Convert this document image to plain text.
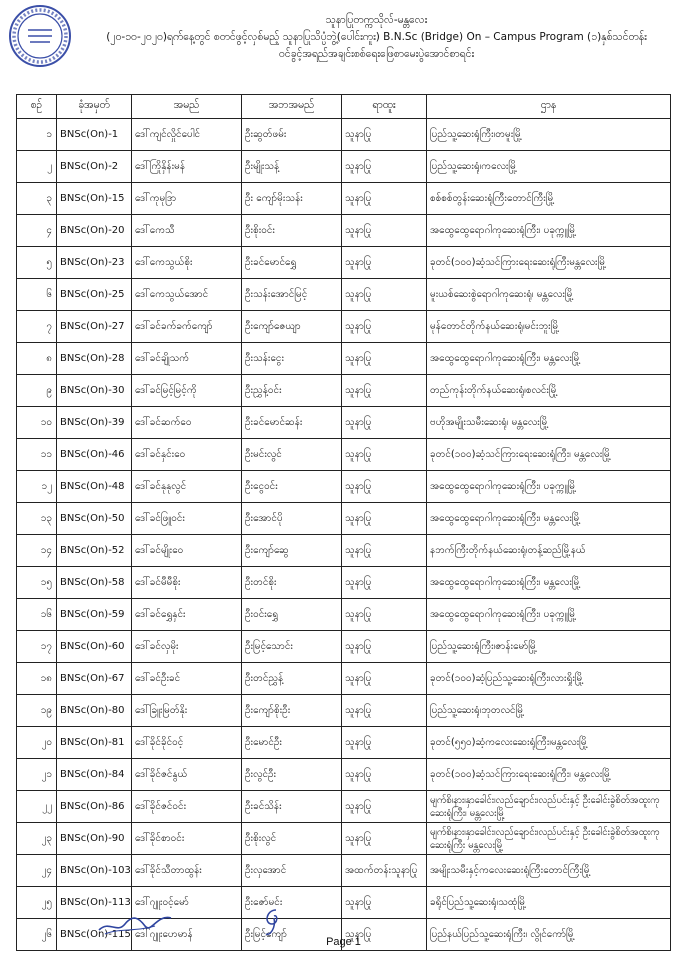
သူနာပြုတက္ကသိုလ်-မန္တလေး
(၂၀-၁၀-၂၀၂၀)ရက်နေ့တွင် စတင်ဖွင့်လှစ်မည့် သူနာပြုသိပ္ပံဘွဲ့(ပေါင်းကူး) B.N.Sc (Bridge) On – Campus Program (၁)နှစ်သင်တန်း
ဝင်ခွင့်အရည်အချင်းစစ်ရေးဖြေစာမေးပွဲအောင်စာရင်း
စဉ်	ခုံအမှတ်	အမည်	အဘအမည်	ရာထူး	ဌာန
၁	BNSc(On)-1	ဒေါ်ကျင်လှိုင်ပေါင်	ဦးဆွတ်ဖမ်း	သူနာပြု	ပြည်သူ့ဆေးရုံကြီး၊တမူးမြို့
၂	BNSc(On)-2	ဒေါ်ကြိုနှိန်းမန်	ဦးမျိုးသန့်	သူနာပြု	ပြည်သူ့ဆေးရုံ၊ကလေးမြို့
၃	BNSc(On)-15	ဒေါ်ကုမုဒြာ	ဦး ကျော်မိုးသန်း	သူနာပြု	စစ်စစ်တွန်းဆေးရုံကြီးတောင်ကြီးမြို့
၄	BNSc(On)-20	ဒေါ်ကေသီ	ဦးစိုးဝင်း	သူနာပြု	အထွေထွေရောဂါကုဆေးရုံကြီး၊ ပခုက္ကူမြို့
၅	BNSc(On)-23	ဒေါ်ကေသွယ်စိုး	ဦးခင်မောင်ရွှေ	သူနာပြု	ခုတင်(၁၀၀)ဆံ့သင်ကြားရေးဆေးရုံကြီးမန္တလေးမြို့
၆	BNSc(On)-25	ဒေါ်ကေသွယ်အောင်	ဦးသန်းအောင်မြင့်	သူနာပြု	မူးယစ်ဆေးစွဲရောဂါကုဆေးရုံ၊ မန္တလေးမြို့
၇	BNSc(On)-27	ဒေါ်ခင်ခက်ခက်ကျော်	ဦးကျော်ဇေယျာ	သူနာပြု	မုန်တောင်တိုက်နယ်ဆေးရုံ၊မင်းဘူးမြို့
၈	BNSc(On)-28	ဒေါ်ခင်ချိုသက်	ဦးသန်းငွေး	သူနာပြု	အထွေထွေရောဂါကုဆေးရုံကြီး၊ မန္တလေးမြို့
၉	BNSc(On)-30	ဒေါ်ခင်မြင့်မြင့်ကို	ဦးညွှန့်ဝင်း	သူနာပြု	တည်ကုန်းတိုက်နယ်ဆေးရုံ၊စလင်းမြို့
၁၀	BNSc(On)-39	ဒေါ်ခင်ဆက်ဝေ	ဦးခင်မောင်ဆန်း	သူနာပြု	ဗဟိုအမျိုးသမီးဆေးရုံ၊ မန္တလေးမြို့
၁၁	BNSc(On)-46	ဒေါ်ခင်နှင်းဝေ	ဦးမင်းလွင်	သူနာပြု	ခုတင်(၁၀၀)ဆံ့သင်ကြားရေးဆေးရုံကြီး၊ မန္တလေးမြို့
၁၂	BNSc(On)-48	ဒေါ်ခင်နုနုလွင်	ဦးငွေဝင်း	သူနာပြု	အထွေထွေရောဂါကုဆေးရုံကြီး၊ ပခုက္ကူမြို့
၁၃	BNSc(On)-50	ဒေါ်ခင်ဖြူဝင်း	ဦးအောင်ပို	သူနာပြု	အထွေထွေရောဂါကုဆေးရုံကြီး၊ မန္တလေးမြို့
၁၄	BNSc(On)-52	ဒေါ်ခင်မျိုးဝေ	ဦးကျော်ဆွေ	သူနာပြု	နဘက်ကြီးတိုက်နယ်ဆေးရုံ၊တန့်ဆည်မြို့နယ်
၁၅	BNSc(On)-58	ဒေါ်ခင်မီမီစိုး	ဦးတင်စိုး	သူနာပြု	အထွေထွေရောဂါကုဆေးရုံကြီး၊ မန္တလေးမြို့
၁၆	BNSc(On)-59	ဒေါ်ခင်ရွှေနှင်း	ဦးဝင်းရွှေ	သူနာပြု	အထွေထွေရောဂါကုဆေးရုံကြီး၊ ပခုက္ကူမြို့
၁၇	BNSc(On)-60	ဒေါ်ခင်လှမိုး	ဦးမြင့်သောင်း	သူနာပြု	ပြည်သူ့ဆေးရုံကြီး၊ဇာန်းမော်မြို့
၁၈	BNSc(On)-67	ဒေါ်ခင်ဦးခင်	ဦးတင်ညွှန့်	သူနာပြု	ခုတင်(၁၀၀)ဆံ့ပြည်သူ့ဆေးရုံကြီး၊လားရှိုးမြို့
၁၉	BNSc(On)-80	ဒေါ်ခြူးမြတ်နိုး	ဦးကျော်စိုးဦး	သူနာပြု	ပြည်သူ့ဆေးရုံ၊ဘုတလင်မြို့
၂၀	BNSc(On)-81	ဒေါ်ခိုင်ခိုင်ဝင့်	ဦးမောင်ဦး	သူနာပြု	ခုတင်(၅၅၀)ဆံ့ကလေးဆေးရုံကြီး၊မန္တလေးမြို့
၂၁	BNSc(On)-84	ဒေါ်ခိုင်ဇင်နွယ်	ဦးလွင်ဦး	သူနာပြု	ခုတင်(၁၀၀)ဆံ့သင်ကြားရေးဆေးရုံကြီး၊ မန္တလေးမြို့
၂၂	BNSc(On)-86	ဒေါ်ခိုင်ဇင်ဝင်း	ဦးခင်သိန်း	သူနာပြု	မျက်စိ၊နား၊နှာခေါင်း၊လည်ချောင်း၊လည်ပင်းနှင့် ဦးခေါင်းခွဲစိတ်အထူးကုဆေးရုံကြီး၊ မန္တလေးမြို့
၂၃	BNSc(On)-90	ဒေါ်ခိုင်စာဝင်း	ဦးစိုးလွင်	သူနာပြု	မျက်စိ၊နား၊နှာခေါင်း၊လည်ချောင်း၊လည်ပင်းနှင့် ဦးခေါင်းခွဲစိတ်အထူးကုဆေးရုံကြီး မန္တလေးမြို့
၂၄	BNSc(On)-103	ဒေါ်ခိုင်သီတာထွန်း	ဦးလှအောင်	အထက်တန်းသူနာပြု	အမျိုးသမီးနှင့်ကလေးဆေးရုံကြီးတောင်ကြီးမြို့
၂၅	BNSc(On)-113	ဒေါ်ဂျူးဝင့်မော်	ဦးဇော်မင်း	သူနာပြု	ခရိုင်ပြည်သူ့ဆေးရုံ၊သထုံမြို့
၂၆	BNSc(On)-115	ဒေါ်ဂျူးဟေမာန်	ဦးမြင့်ကျော်	သူနာပြု	ပြည်နယ်ပြည်သူ့ဆေးရုံကြီး၊ လွိုင်ကော်မြို့
Page 1
